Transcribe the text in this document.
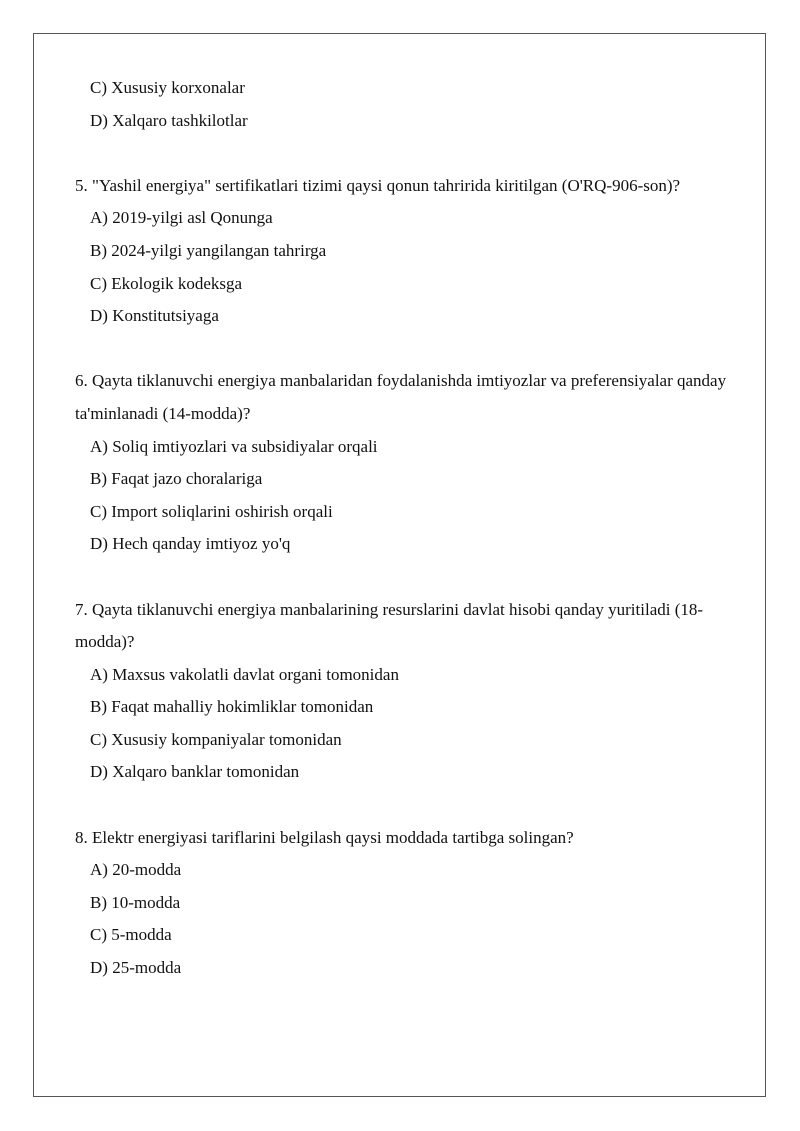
C) Xususiy korxonalar
D) Xalqaro tashkilotlar
5. "Yashil energiya" sertifikatlari tizimi qaysi qonun tahririda kiritilgan (O'RQ-906-son)?
A) 2019-yilgi asl Qonunga
B) 2024-yilgi yangilangan tahrirga
C) Ekologik kodeksga
D) Konstitutsiyaga
6. Qayta tiklanuvchi energiya manbalaridan foydalanishda imtiyozlar va preferensiyalar qanday ta'minlanadi (14-modda)?
A) Soliq imtiyozlari va subsidiyalar orqali
B) Faqat jazo choralariga
C) Import soliqlarini oshirish orqali
D) Hech qanday imtiyoz yo'q
7. Qayta tiklanuvchi energiya manbalarining resurslarini davlat hisobi qanday yuritiladi (18-modda)?
A) Maxsus vakolatli davlat organi tomonidan
B) Faqat mahalliy hokimliklar tomonidan
C) Xususiy kompaniyalar tomonidan
D) Xalqaro banklar tomonidan
8. Elektr energiyasi tariflarini belgilash qaysi moddada tartibga solingan?
A) 20-modda
B) 10-modda
C) 5-modda
D) 25-modda
